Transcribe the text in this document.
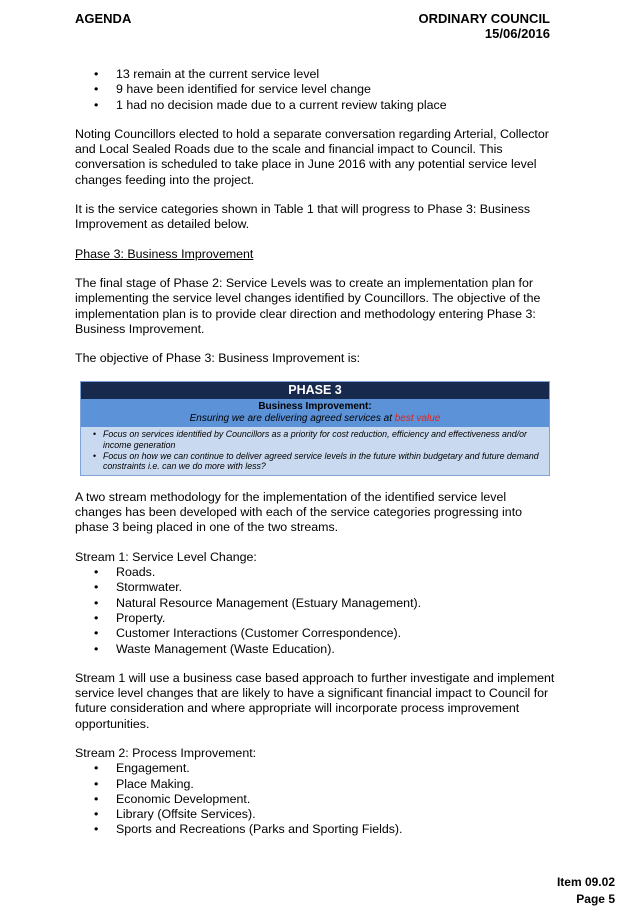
AGENDA	ORDINARY COUNCIL
15/06/2016
• 13 remain at the current service level
• 9 have been identified for service level change
• 1 had no decision made due to a current review taking place

Noting Councillors elected to hold a separate conversation regarding Arterial, Collector and Local Sealed Roads due to the scale and financial impact to Council. This conversation is scheduled to take place in June 2016 with any potential service level changes feeding into the project.

It is the service categories shown in Table 1 that will progress to Phase 3: Business Improvement as detailed below.

Phase 3: Business Improvement

The final stage of Phase 2: Service Levels was to create an implementation plan for implementing the service level changes identified by Councillors. The objective of the implementation plan is to provide clear direction and methodology entering Phase 3: Business Improvement.

The objective of Phase 3: Business Improvement is:

PHASE 3
Business Improvement:
Ensuring we are delivering agreed services at best value
• Focus on services identified by Councillors as a priority for cost reduction, efficiency and effectiveness and/or income generation
• Focus on how we can continue to deliver agreed service levels in the future within budgetary and future demand constraints i.e. can we do more with less?

A two stream methodology for the implementation of the identified service level changes has been developed with each of the service categories progressing into phase 3 being placed in one of the two streams.

Stream 1: Service Level Change:

• Roads.
• Stormwater.
• Natural Resource Management (Estuary Management).
• Property.
• Customer Interactions (Customer Correspondence).
• Waste Management (Waste Education).

Stream 1 will use a business case based approach to further investigate and implement service level changes that are likely to have a significant financial impact to Council for future consideration and where appropriate will incorporate process improvement opportunities.

Stream 2: Process Improvement:

• Engagement.
• Place Making.
• Economic Development.
• Library (Offsite Services).
• Sports and Recreations (Parks and Sporting Fields).
Item 09.02
Page 5
